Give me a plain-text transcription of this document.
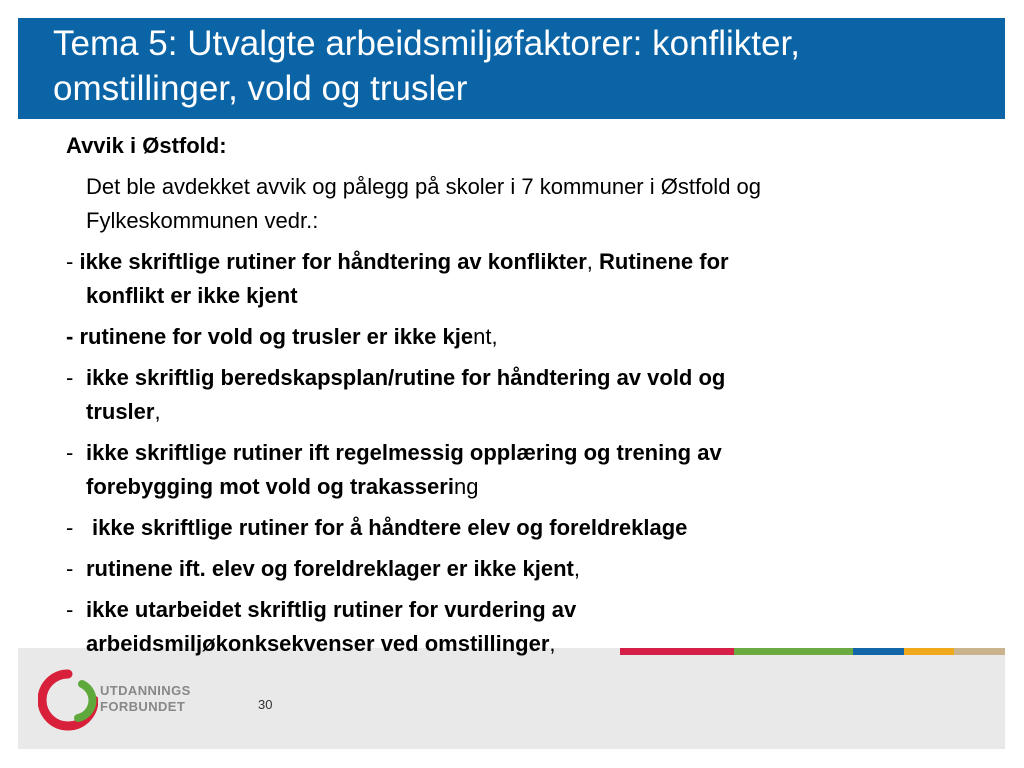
Tema 5: Utvalgte arbeidsmiljøfaktorer: konflikter,
omstillinger, vold og trusler
Avvik i Østfold:
Det ble avdekket avvik og pålegg på skoler i 7 kommuner i Østfold og
Fylkeskommunen vedr.:
- ikke skriftlige rutiner for håndtering av konflikter, Rutinene for
konflikt er ikke kjent
- rutinene for vold og trusler er ikke kjent,
- ikke skriftlig beredskapsplan/rutine for håndtering av vold og
trusler,
- ikke skriftlige rutiner ift regelmessig opplæring og trening av
forebygging mot vold og trakassering
- ikke skriftlige rutiner for å håndtere elev og foreldreklage
- rutinene ift. elev og foreldreklager er ikke kjent,
- ikke utarbeidet skriftlig rutiner for vurdering av
arbeidsmiljøkonksekvenser ved omstillinger,
UTDANNINGS
FORBUNDET	30
